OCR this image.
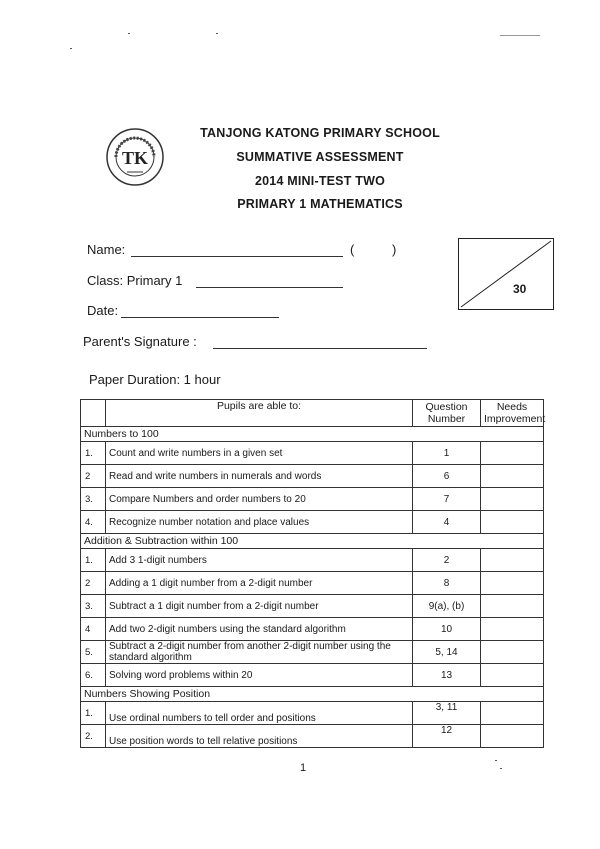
TK
TANJONG KATONG PRIMARY SCHOOL
SUMMATIVE ASSESSMENT
2014 MINI-TEST TWO
PRIMARY 1 MATHEMATICS
Name:	(	)
Class: Primary 1
Date:
Parent's Signature :
Paper Duration: 1 hour
30
	Pupils are able to:	Question Number	Needs Improvement
Numbers to 100			
1.	Count and write numbers in a given set	1	
2	Read and write numbers in numerals and words	6	
3.	Compare Numbers and order numbers to 20	7	
4.	Recognize number notation and place values	4	
Addition & Subtraction within 100			
1.	Add 3 1-digit numbers	2	
2	Adding a 1 digit number from a 2-digit number	8	
3.	Subtract a 1 digit number from a 2-digit number	9(a), (b)	
4	Add two 2-digit numbers using the standard algorithm	10	
5.	Subtract a 2-digit number from another 2-digit number using the standard algorithm	5, 14	
6.	Solving word problems within 20	13	
Numbers Showing Position			
1.	Use ordinal numbers to tell order and positions	3, 11	
2.	Use position words to tell relative positions	12	
1
